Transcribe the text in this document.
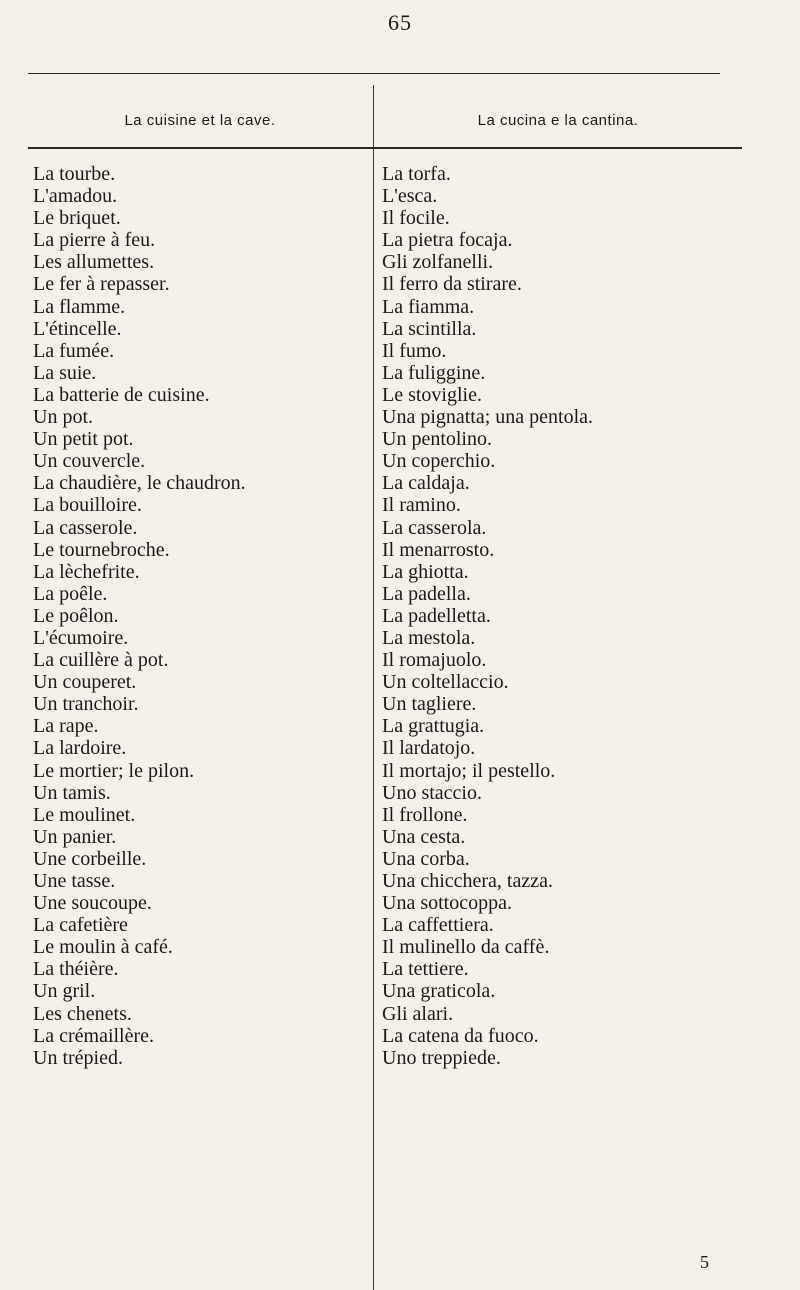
65
La cuisine et la cave.	La cucina e la cantina.
La tourbe.	La torfa.
L'amadou.	L'esca.
Le briquet.	Il focile.
La pierre à feu.	La pietra focaja.
Les allumettes.	Gli zolfanelli.
Le fer à repasser.	Il ferro da stirare.
La flamme.	La fiamma.
L'étincelle.	La scintilla.
La fumée.	Il fumo.
La suie.	La fuliggine.
La batterie de cuisine.	Le stoviglie.
Un pot.	Una pignatta; una pentola.
Un petit pot.	Un pentolino.
Un couvercle.	Un coperchio.
La chaudière, le chaudron.	La caldaja.
La bouilloire.	Il ramino.
La casserole.	La casserola.
Le tournebroche.	Il menarrosto.
La lèchefrite.	La ghiotta.
La poêle.	La padella.
Le poêlon.	La padelletta.
L'écumoire.	La mestola.
La cuillère à pot.	Il romajuolo.
Un couperet.	Un coltellaccio.
Un tranchoir.	Un tagliere.
La rape.	La grattugia.
La lardoire.	Il lardatojo.
Le mortier; le pilon.	Il mortajo; il pestello.
Un tamis.	Uno staccio.
Le moulinet.	Il frollone.
Un panier.	Una cesta.
Une corbeille.	Una corba.
Une tasse.	Una chicchera, tazza.
Une soucoupe.	Una sottocoppa.
La cafetière	La caffettiera.
Le moulin à café.	Il mulinello da caffè.
La théière.	La tettiere.
Un gril.	Una graticola.
Les chenets.	Gli alari.
La crémaillère.	La catena da fuoco.
Un trépied.	Uno treppiede.
5
